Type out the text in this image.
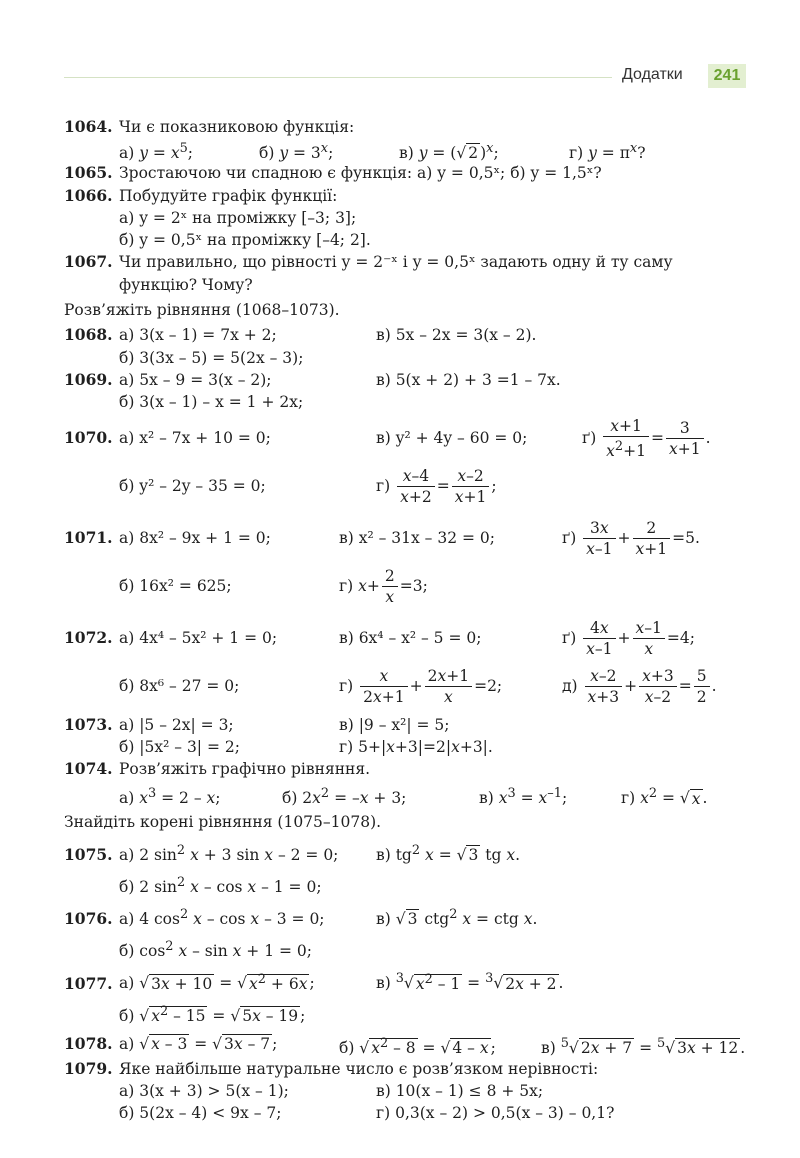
Додатки	241
1064. Чи є показниковою функція:
а) $y = x^5$;	б) $y = 3^x$;	в) y = (√ 2 )$^x$;	г) $y = \pi^x$?
1065. Зростаючою чи спадною є функція: а) y = 0,5ˣ; б) y = 1,5ˣ?
1066. Побудуйте графік функції:
а) y = 2ˣ на проміжку [–3; 3];
б) y = 0,5ˣ на проміжку [–4; 2].
1067. Чи правильно, що рівності y = 2⁻ˣ і y = 0,5ˣ задають одну й ту саму
функцію? Чому?
Розв’яжіть рівняння (1068–1073).
1068. а) 3(x – 1) = 7x + 2;	в) 5x – 2x = 3(x – 2).
б) 3(3x – 5) = 5(2x – 3);
1069. а) 5x – 9 = 3(x – 2);	в) 5(x + 2) + 3 =1 – 7x.
б) 3(x – 1) – x = 1 + 2x;
1070. а) x² – 7x + 10 = 0;	в) y² + 4y – 60 = 0;	$ґ) \frac{x+1}{x^2+1} = \frac{3}{x+1}$ .
б) y² – 2y – 35 = 0;	$г) \frac{x-4}{x+2} = \frac{x-2}{x+1}$ ;
1071. а) 8x² – 9x + 1 = 0;	в) x² – 31x – 32 = 0;	$ґ) \frac{3x}{x-1} + \frac{2}{x+1} =5$.
б) 16x² = 625;	г) $x+ \frac{2}{x} =3$;
1072. а) 4x⁴ – 5x² + 1 = 0;	в) 6x⁴ – x² – 5 = 0;	$ґ) \frac{4x}{x-1} + \frac{x-1}{x} =4$;
б) 8x⁶ – 27 = 0;	$г) \frac{x}{2x+1} + \frac{2x+1}{x} =2$;	$д) \frac{x-2}{x+3} + \frac{x+3}{x-2} = \frac{5}{2}$ .
1073. а) |5 – 2x| = 3;	в) |9 – x²| = 5;
б) |5x² – 3| = 2;	г) 5+|x+3|=2|x+3|.
1074. Розв’яжіть графічно рівняння.
а) $x^3 = 2 - x$;	б) $2x^2 = -x + 3$;	в) $x^3 = x^{-1}$;	г) $x^2$ = √ x .
Знайдіть корені рівняння (1075–1078).
1075. а) 2 $\sin^2 x + 3$ sin x – 2 = 0; в) $tg^2$ x = √ 3 tg x.
б) 2 $\sin^2 x - \cos x - 1 = 0$;
1076. а) 4 $\cos^2 x - \cos x - 3 = 0$;	в) √ 3 ctg$^2$ x = ctg x.
б) $\cos^2 x - \sin x + 1 = 0$;
1077. а) √ 3x + 10 = √ $x^2 + 6x$ ;	в) $^3$√ $x^2 - 1 = ^3√$ 2x + 2 .
б) √ $x^2 - 15$ = √ 5x – 19 ;
1078. а) √ x – 3 = √ 3x – 7 ;	б) √ $x^2 - 8$ = √ 4 – x ;	в) $^5$√ 2x + 7 = $^5$√ 3x + 12 .
1079. Яке найбільше натуральне число є розв’язком нерівності:
а) 3(x + 3) > 5(x – 1);	в) 10(x – 1) ≤ 8 + 5x;
б) 5(2x – 4) < 9x – 7;	г) 0,3(x – 2) > 0,5(x – 3) – 0,1?
